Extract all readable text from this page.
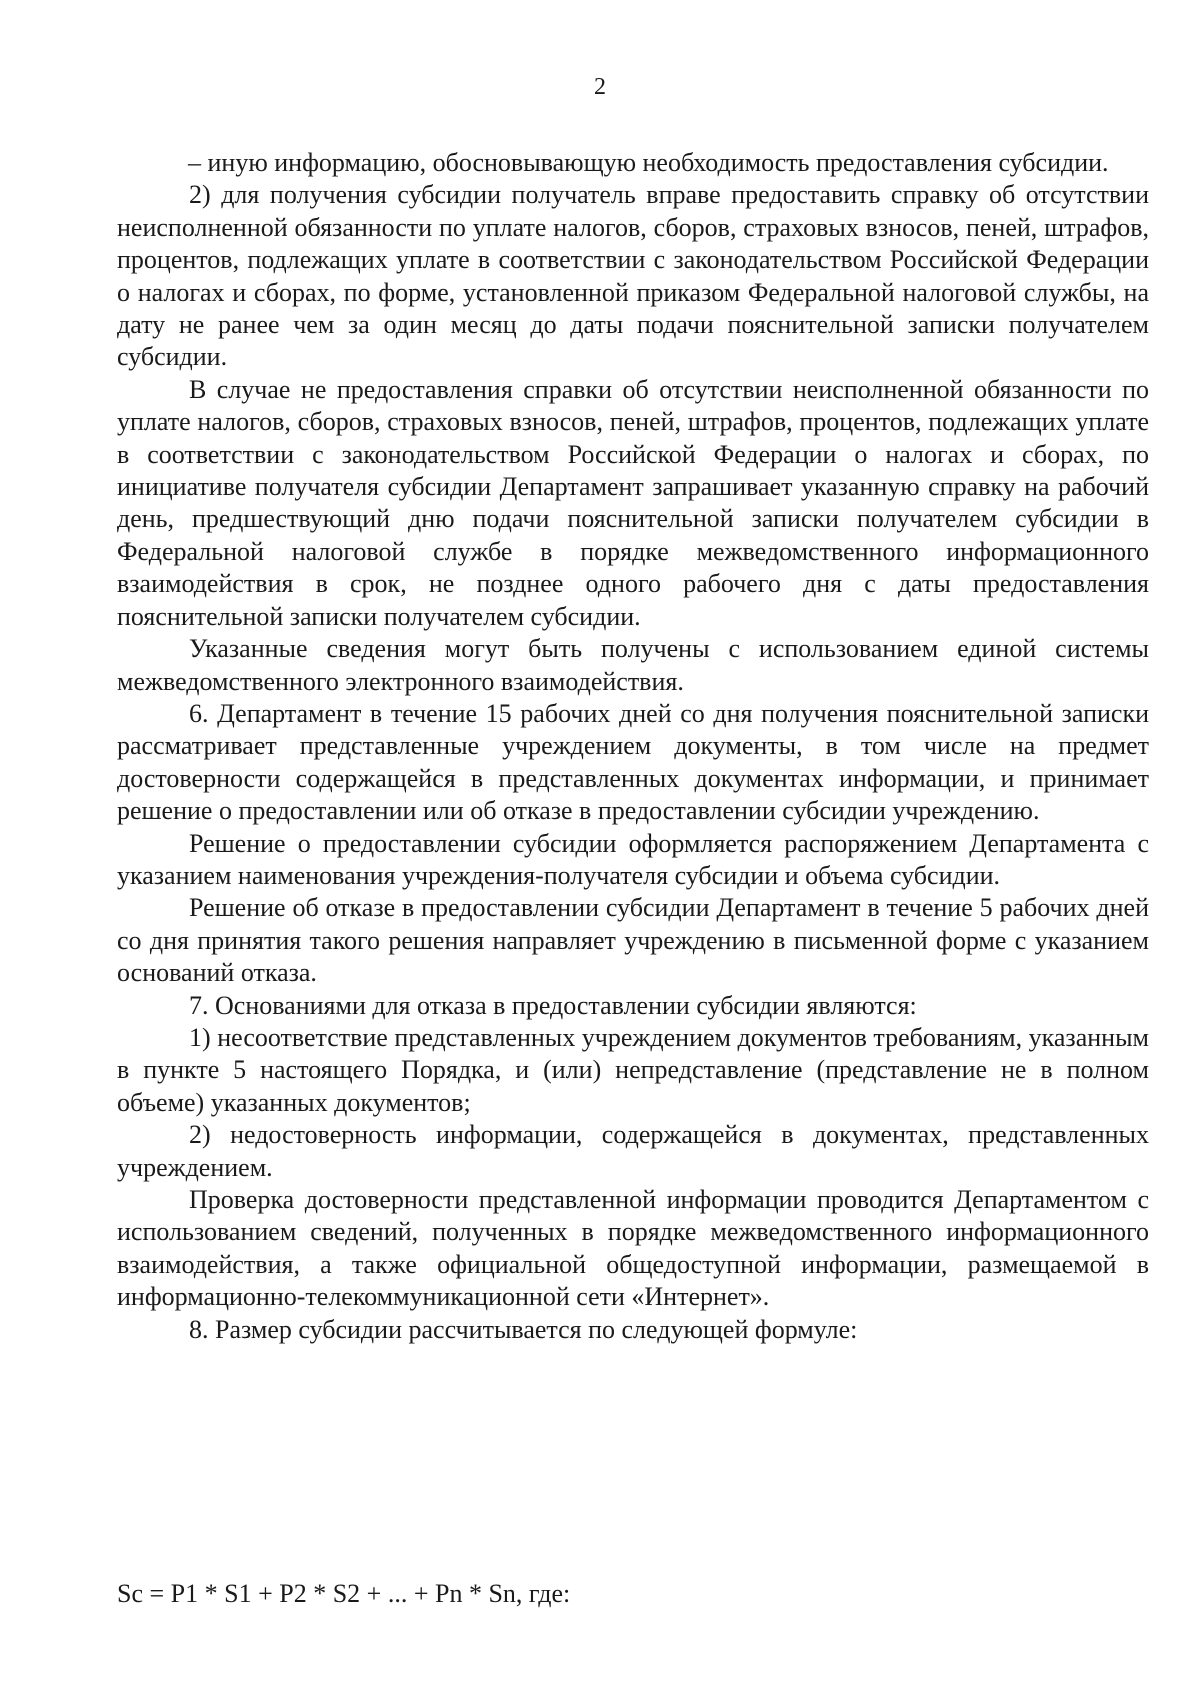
2

– иную информацию, обосновывающую необходимость предоставления субсидии.

2) для получения субсидии получатель вправе предоставить справку об отсутствии неисполненной обязанности по уплате налогов, сборов, страховых взносов, пеней, штрафов, процентов, подлежащих уплате в соответствии с законодательством Российской Федерации о налогах и сборах, по форме, установленной приказом Федеральной налоговой службы, на дату не ранее чем за один месяц до даты подачи пояснительной записки получателем субсидии.

В случае не предоставления справки об отсутствии неисполненной обязанности по уплате налогов, сборов, страховых взносов, пеней, штрафов, процентов, подлежащих уплате в соответствии с законодательством Российской Федерации о налогах и сборах, по инициативе получателя субсидии Департамент запрашивает указанную справку на рабочий день, предшествующий дню подачи пояснительной записки получателем субсидии в Федеральной налоговой службе в порядке межведомственного информационного взаимодействия в срок, не позднее одного рабочего дня с даты предоставления пояснительной записки получателем субсидии.

Указанные сведения могут быть получены с использованием единой системы межведомственного электронного взаимодействия.

6. Департамент в течение 15 рабочих дней со дня получения пояснительной записки рассматривает представленные учреждением документы, в том числе на предмет достоверности содержащейся в представленных документах информации, и принимает решение о предоставлении или об отказе в предоставлении субсидии учреждению.

Решение о предоставлении субсидии оформляется распоряжением Департамента с указанием наименования учреждения-получателя субсидии и объема субсидии.

Решение об отказе в предоставлении субсидии Департамент в течение 5 рабочих дней со дня принятия такого решения направляет учреждению в письменной форме с указанием оснований отказа.

7. Основаниями для отказа в предоставлении субсидии являются:

1) несоответствие представленных учреждением документов требованиям, указанным в пункте 5 настоящего Порядка, и (или) непредставление (представление не в полном объеме) указанных документов;

2) недостоверность информации, содержащейся в документах, представленных учреждением.

Проверка достоверности представленной информации проводится Департаментом с использованием сведений, полученных в порядке межведомственного информационного взаимодействия, а также официальной общедоступной информации, размещаемой в информационно-телекоммуникационной сети «Интернет».

8. Размер субсидии рассчитывается по следующей формуле:

Sc = P1 * S1 + P2 * S2 + ... + Pn * Sn, где:
